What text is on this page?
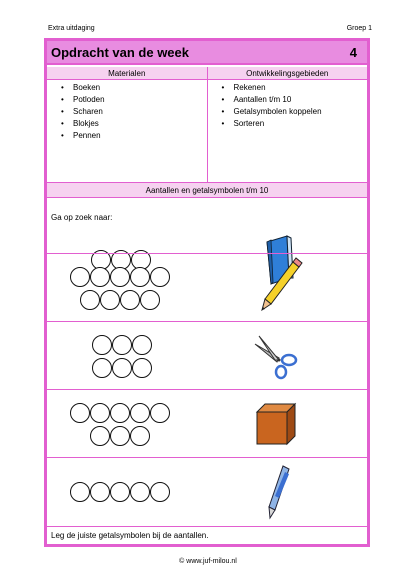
Extra uitdaging	Groep 1
Opdracht van de week	4
Materialen	Ontwikkelingsgebieden
• Boeken
• Potloden
• Scharen
• Blokjes
• Pennen
• Rekenen
• Aantallen t/m 10
• Getalsymbolen koppelen
• Sorteren
Aantallen en getalsymbolen t/m 10
Ga op zoek naar:
Leg de juiste getalsymbolen bij de aantallen.
© www.juf-milou.nl
